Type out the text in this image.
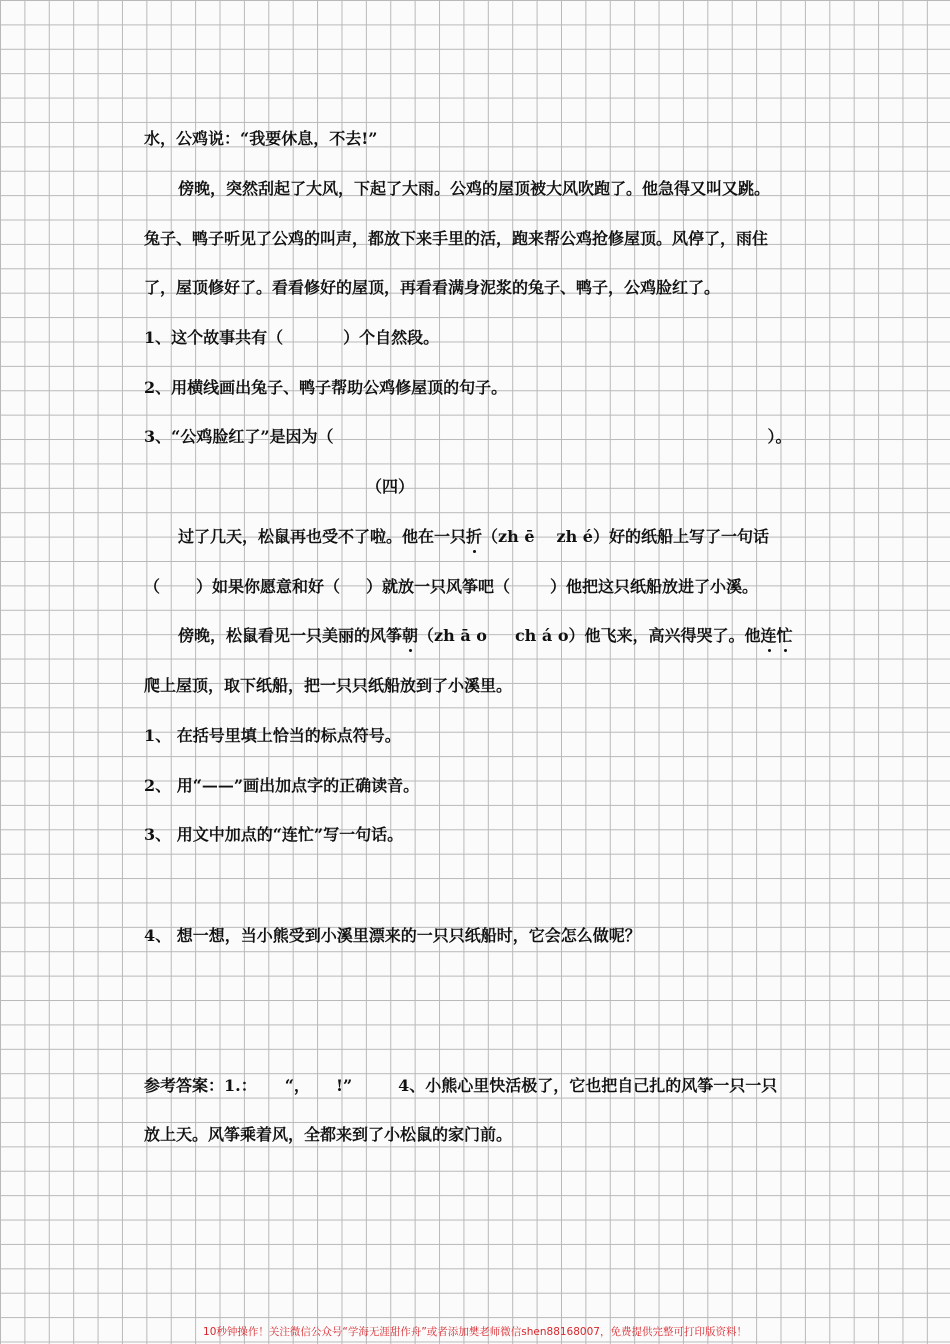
水，公鸡说：“我要休息，不去!”
傍晚，突然刮起了大风，下起了大雨。公鸡的屋顶被大风吹跑了。他急得又叫又跳。
兔子、鸭子听见了公鸡的叫声，都放下来手里的活，跑来帮公鸡抢修屋顶。风停了，雨住
了，屋顶修好了。看看修好的屋顶，再看看满身泥浆的兔子、鸭子，公鸡脸红了。
1、这个故事共有（	）个自然段。
2、用横线画出兔子、鸭子帮助公鸡修屋顶的句子。
3、“公鸡脸红了”是因为（	）。
（四）
过了几天，松鼠再也受不了啦。他在一只折（zh ē zh é）好的纸船上写了一句话
（ ）如果你愿意和好（ ）就放一只风筝吧（	）他把这只纸船放进了小溪。
傍晚，松鼠看见一只美丽的风筝朝（zh ā o ch á o）他飞来，高兴得哭了。他连忙
爬上屋顶，取下纸船，把一只只纸船放到了小溪里。
1、 在括号里填上恰当的标点符号。
2、 用“——”画出加点字的正确读音。
3、 用文中加点的“连忙”写一句话。
4、 想一想，当小熊受到小溪里漂来的一只只纸船时，它会怎么做呢？
参考答案：1.： “， !”	4、小熊心里快活极了，它也把自己扎的风筝一只一只
放上天。风筝乘着风，全都来到了小松鼠的家门前。
10秒钟操作！关注微信公众号“学海无涯甜作舟”或者添加樊老师微信shen88168007，免费提供完整可打印版资料！
